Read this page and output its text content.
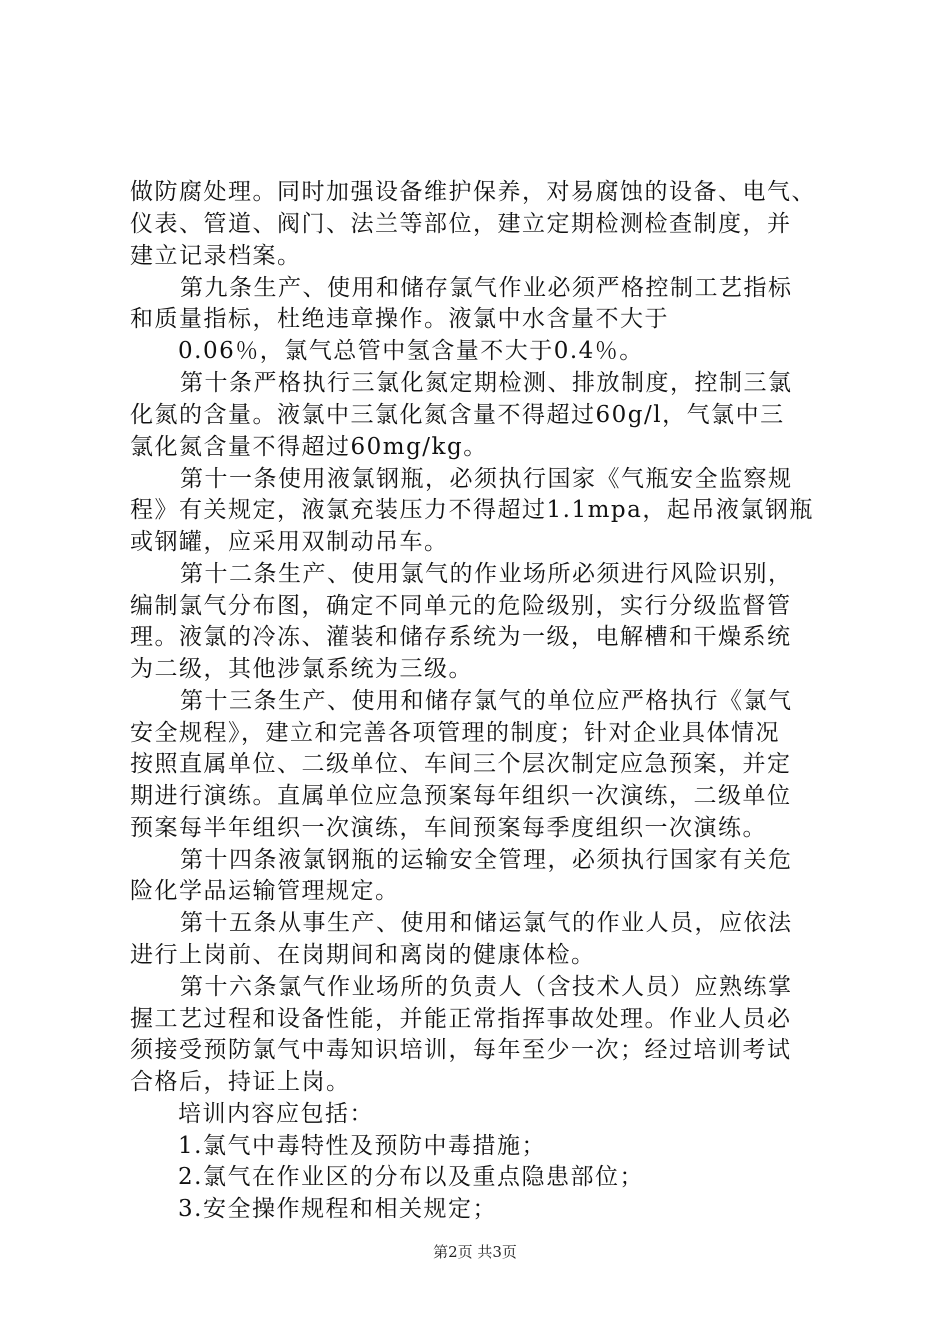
做防腐处理。同时加强设备维护保养，对易腐蚀的设备、电气、
仪表、管道、阀门、法兰等部位，建立定期检测检查制度，并
建立记录档案。
第九条生产、使用和储存氯气作业必须严格控制工艺指标
和质量指标，杜绝违章操作。液氯中水含量不大于
0.06％，氯气总管中氢含量不大于0.4％。
第十条严格执行三氯化氮定期检测、排放制度，控制三氯
化氮的含量。液氯中三氯化氮含量不得超过60g/l，气氯中三
氯化氮含量不得超过60mg/kg。
第十一条使用液氯钢瓶，必须执行国家《气瓶安全监察规
程》有关规定，液氯充装压力不得超过1.1mpa，起吊液氯钢瓶
或钢罐，应采用双制动吊车。
第十二条生产、使用氯气的作业场所必须进行风险识别，
编制氯气分布图，确定不同单元的危险级别，实行分级监督管
理。液氯的冷冻、灌装和储存系统为一级，电解槽和干燥系统
为二级，其他涉氯系统为三级。
第十三条生产、使用和储存氯气的单位应严格执行《氯气
安全规程》，建立和完善各项管理的制度；针对企业具体情况
按照直属单位、二级单位、车间三个层次制定应急预案，并定
期进行演练。直属单位应急预案每年组织一次演练，二级单位
预案每半年组织一次演练，车间预案每季度组织一次演练。
第十四条液氯钢瓶的运输安全管理，必须执行国家有关危
险化学品运输管理规定。
第十五条从事生产、使用和储运氯气的作业人员，应依法
进行上岗前、在岗期间和离岗的健康体检。
第十六条氯气作业场所的负责人（含技术人员）应熟练掌
握工艺过程和设备性能，并能正常指挥事故处理。作业人员必
须接受预防氯气中毒知识培训，每年至少一次；经过培训考试
合格后，持证上岗。
培训内容应包括：
1.氯气中毒特性及预防中毒措施；
2.氯气在作业区的分布以及重点隐患部位；
3.安全操作规程和相关规定；
第2页 共3页
